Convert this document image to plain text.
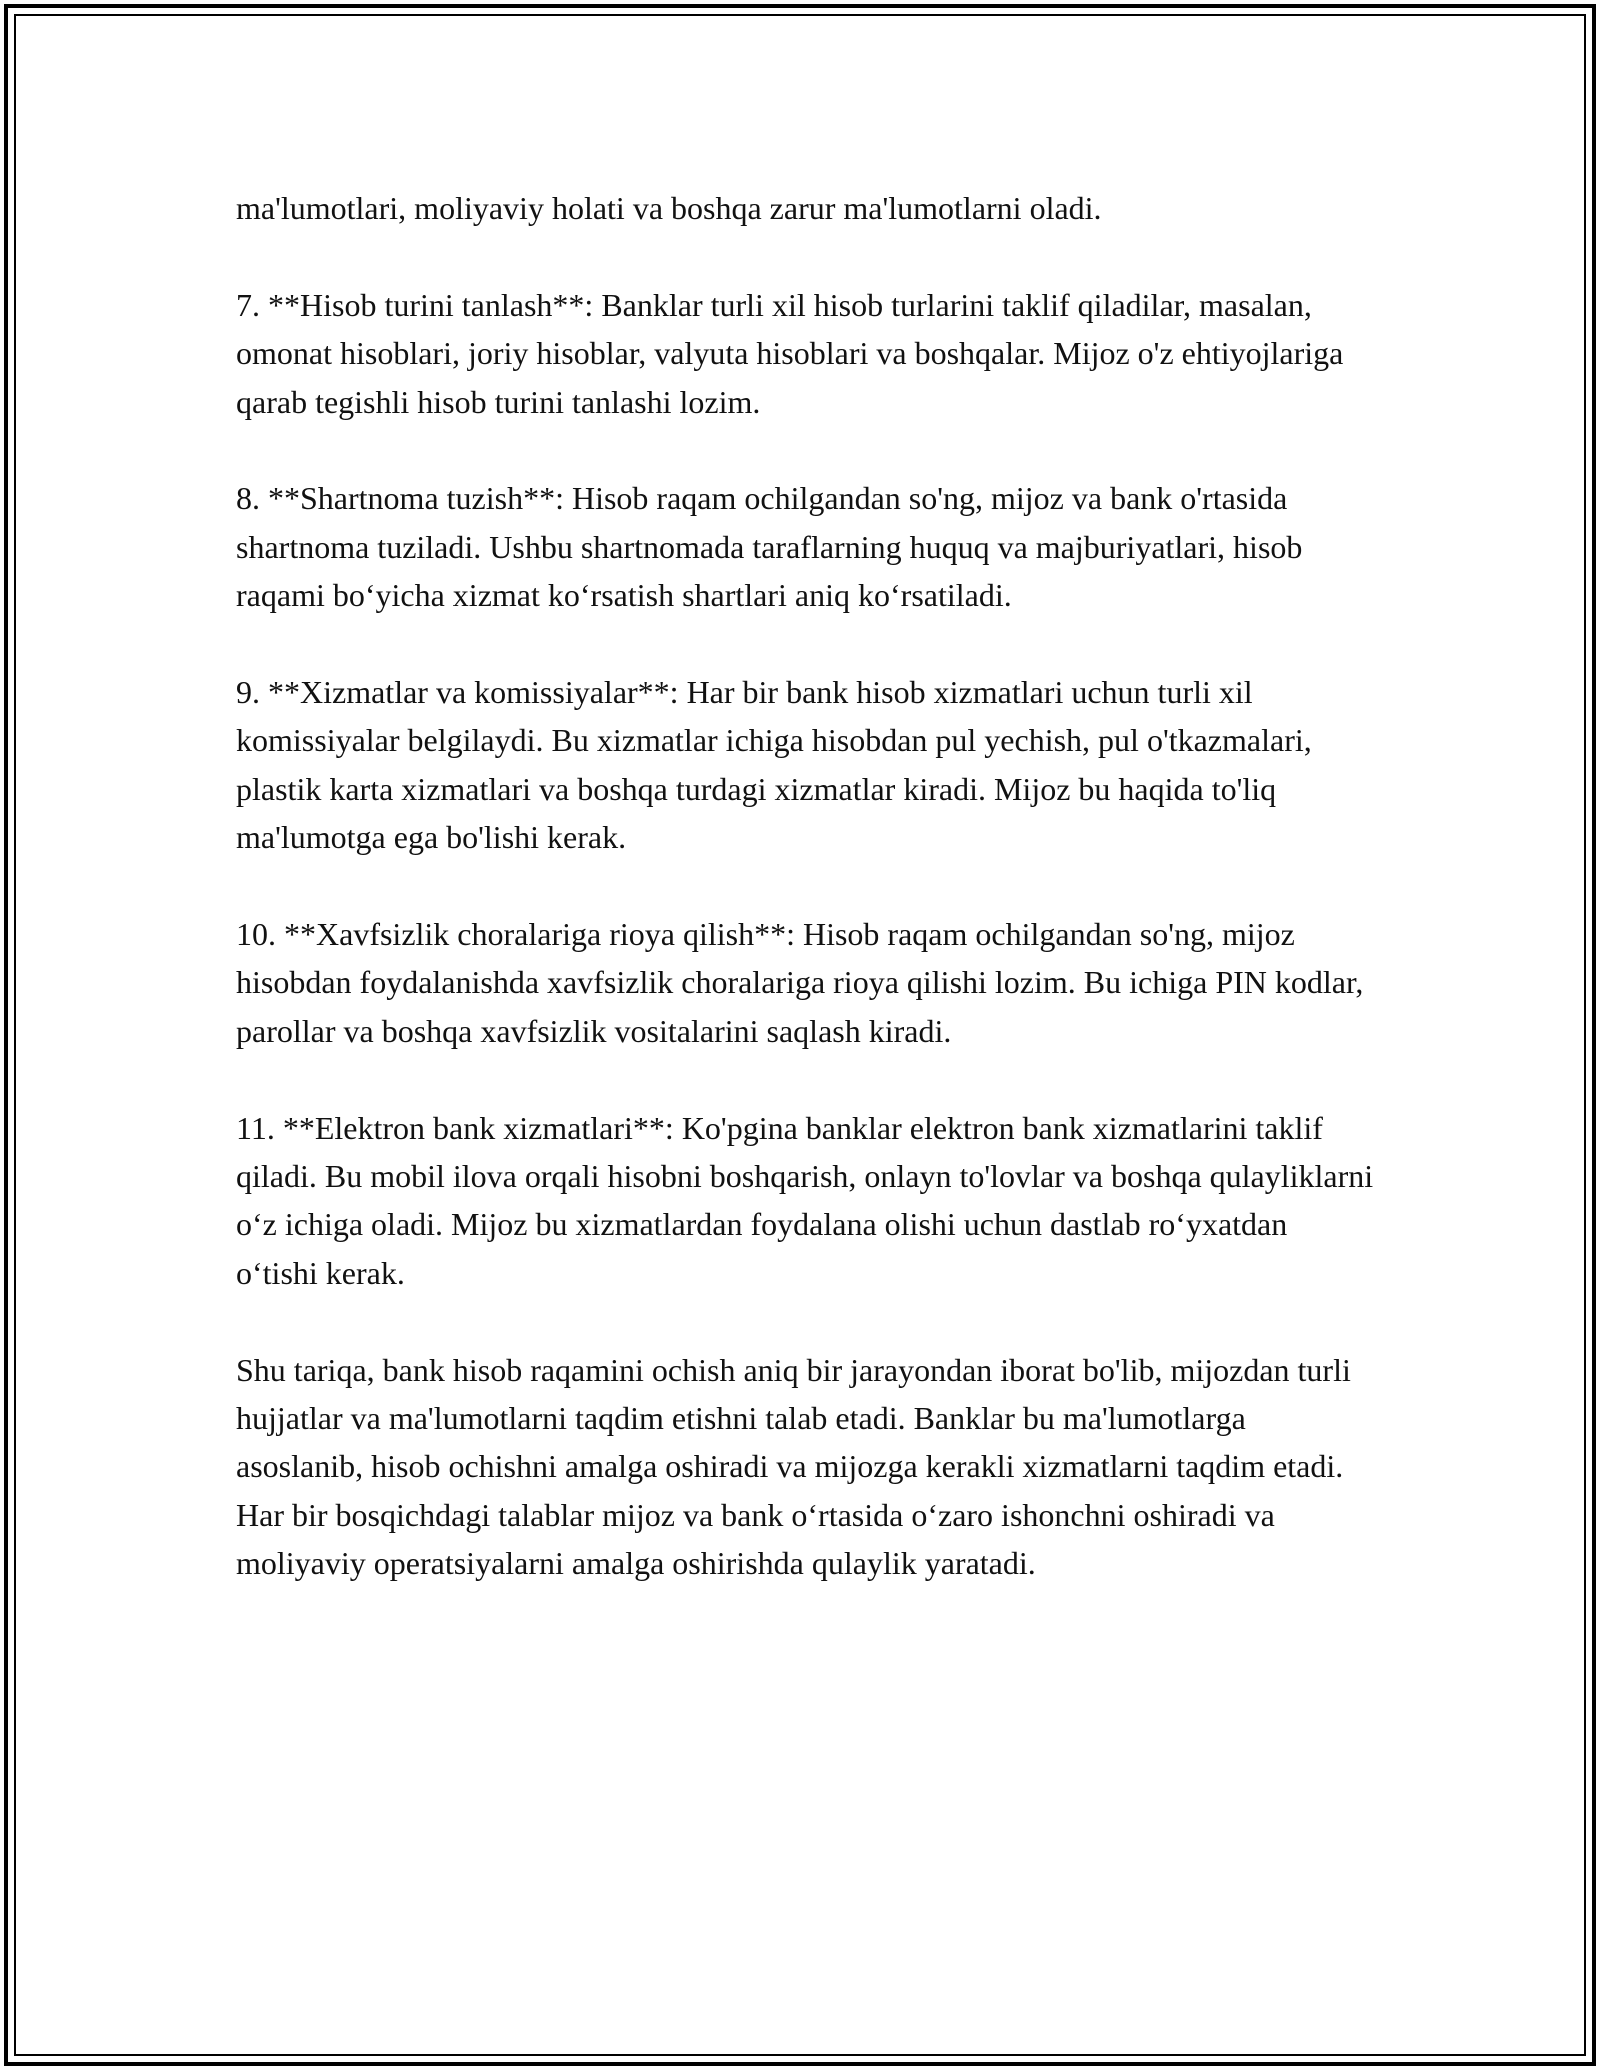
ma'lumotlari, moliyaviy holati va boshqa zarur ma'lumotlarni oladi.

7. **Hisob turini tanlash**: Banklar turli xil hisob turlarini taklif qiladilar, masalan, omonat hisoblari, joriy hisoblar, valyuta hisoblari va boshqalar. Mijoz o'z ehtiyojlariga qarab tegishli hisob turini tanlashi lozim.

8. **Shartnoma tuzish**: Hisob raqam ochilgandan so'ng, mijoz va bank o'rtasida shartnoma tuziladi. Ushbu shartnomada taraflarning huquq va majburiyatlari, hisob raqami bo‘yicha xizmat ko‘rsatish shartlari aniq ko‘rsatiladi.

9. **Xizmatlar va komissiyalar**: Har bir bank hisob xizmatlari uchun turli xil komissiyalar belgilaydi. Bu xizmatlar ichiga hisobdan pul yechish, pul o'tkazmalari, plastik karta xizmatlari va boshqa turdagi xizmatlar kiradi. Mijoz bu haqida to'liq ma'lumotga ega bo'lishi kerak.

10. **Xavfsizlik choralariga rioya qilish**: Hisob raqam ochilgandan so'ng, mijoz hisobdan foydalanishda xavfsizlik choralariga rioya qilishi lozim. Bu ichiga PIN kodlar, parollar va boshqa xavfsizlik vositalarini saqlash kiradi.

11. **Elektron bank xizmatlari**: Ko'pgina banklar elektron bank xizmatlarini taklif qiladi. Bu mobil ilova orqali hisobni boshqarish, onlayn to'lovlar va boshqa qulayliklarni o‘z ichiga oladi. Mijoz bu xizmatlardan foydalana olishi uchun dastlab ro‘yxatdan o‘tishi kerak.

Shu tariqa, bank hisob raqamini ochish aniq bir jarayondan iborat bo'lib, mijozdan turli hujjatlar va ma'lumotlarni taqdim etishni talab etadi. Banklar bu ma'lumotlarga asoslanib, hisob ochishni amalga oshiradi va mijozga kerakli xizmatlarni taqdim etadi. Har bir bosqichdagi talablar mijoz va bank o‘rtasida o‘zaro ishonchni oshiradi va moliyaviy operatsiyalarni amalga oshirishda qulaylik yaratadi.
